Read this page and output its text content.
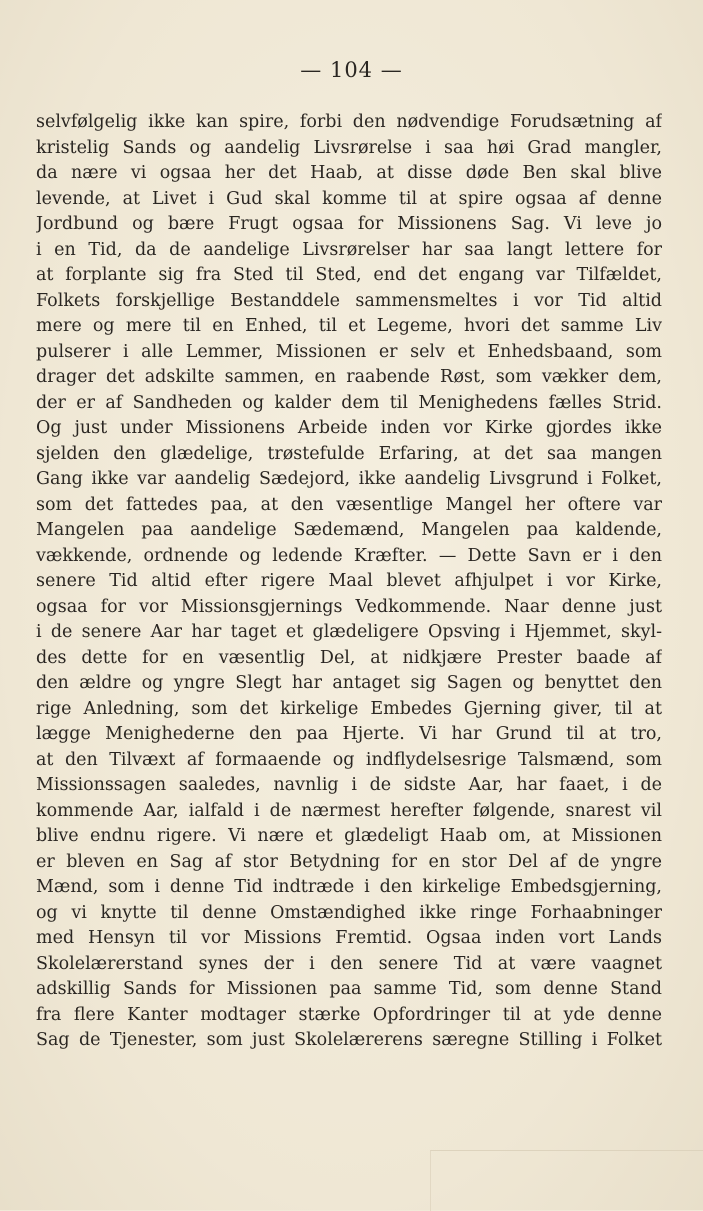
— 104 —
selvfølgelig ikke kan spire, forbi den nødvendige Forudsætning af
kristelig Sands og aandelig Livsrørelse i saa høi Grad mangler,
da nære vi ogsaa her det Haab, at disse døde Ben skal blive
levende, at Livet i Gud skal komme til at spire ogsaa af denne
Jordbund og bære Frugt ogsaa for Missionens Sag. Vi leve jo
i en Tid, da de aandelige Livsrørelser har saa langt lettere for
at forplante sig fra Sted til Sted, end det engang var Tilfældet,
Folkets forskjellige Bestanddele sammensmeltes i vor Tid altid
mere og mere til en Enhed, til et Legeme, hvori det samme Liv
pulserer i alle Lemmer, Missionen er selv et Enhedsbaand, som
drager det adskilte sammen, en raabende Røst, som vækker dem,
der er af Sandheden og kalder dem til Menighedens fælles Strid.
Og just under Missionens Arbeide inden vor Kirke gjordes ikke
sjelden den glædelige, trøstefulde Erfaring, at det saa mangen
Gang ikke var aandelig Sædejord, ikke aandelig Livsgrund i Folket,
som det fattedes paa, at den væsentlige Mangel her oftere var
Mangelen paa aandelige Sædemænd, Mangelen paa kaldende,
vækkende, ordnende og ledende Kræfter. — Dette Savn er i den
senere Tid altid efter rigere Maal blevet afhjulpet i vor Kirke,
ogsaa for vor Missionsgjernings Vedkommende. Naar denne just
i de senere Aar har taget et glædeligere Opsving i Hjemmet, skyl-
des dette for en væsentlig Del, at nidkjære Prester baade af
den ældre og yngre Slegt har antaget sig Sagen og benyttet den
rige Anledning, som det kirkelige Embedes Gjerning giver, til at
lægge Menighederne den paa Hjerte. Vi har Grund til at tro,
at den Tilvæxt af formaaende og indflydelsesrige Talsmænd, som
Missionssagen saaledes, navnlig i de sidste Aar, har faaet, i de
kommende Aar, ialfald i de nærmest herefter følgende, snarest vil
blive endnu rigere. Vi nære et glædeligt Haab om, at Missionen
er bleven en Sag af stor Betydning for en stor Del af de yngre
Mænd, som i denne Tid indtræde i den kirkelige Embedsgjerning,
og vi knytte til denne Omstændighed ikke ringe Forhaabninger
med Hensyn til vor Missions Fremtid. Ogsaa inden vort Lands
Skolelærerstand synes der i den senere Tid at være vaagnet
adskillig Sands for Missionen paa samme Tid, som denne Stand
fra flere Kanter modtager stærke Opfordringer til at yde denne
Sag de Tjenester, som just Skolelærerens særegne Stilling i Folket
